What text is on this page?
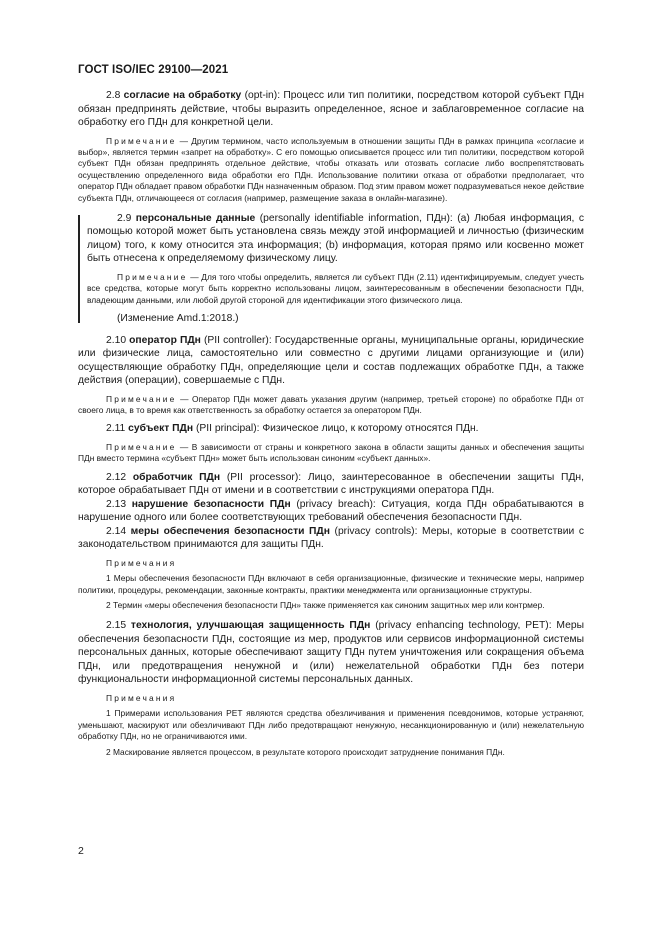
ГОСТ ISO/IEC 29100—2021

2.8 согласие на обработку (opt-in): Процесс или тип политики, посредством которой субъект ПДн обязан предпринять действие, чтобы выразить определенное, ясное и заблаговременное согласие на обработку его ПДн для конкретной цели.

Примечание — Другим термином, часто используемым в отношении защиты ПДн в рамках принципа «согласие и выбор», является термин «запрет на обработку». С его помощью описывается процесс или тип политики, посредством которой субъект ПДн обязан предпринять отдельное действие, чтобы отказать или отозвать согласие либо воспрепятствовать осуществлению определенного вида обработки его ПДн. Использование политики отказа от обработки предполагает, что оператор ПДн обладает правом обработки ПДн назначенным образом. Под этим правом может подразумеваться некое действие субъекта ПДн, отличающееся от согласия (например, размещение заказа в онлайн-магазине).

2.9 персональные данные (personally identifiable information, ПДн): (a) Любая информация, с помощью которой может быть установлена связь между этой информацией и личностью (физическим лицом) того, к кому относится эта информация; (b) информация, которая прямо или косвенно может быть отнесена к определяемому физическому лицу.

Примечание — Для того чтобы определить, является ли субъект ПДн (2.11) идентифицируемым, следует учесть все средства, которые могут быть корректно использованы лицом, заинтересованным в обеспечении безопасности ПДн, владеющим данными, или любой другой стороной для идентификации этого физического лица.

(Изменение Amd.1:2018.)

2.10 оператор ПДн (PII controller): Государственные органы, муниципальные органы, юридические или физические лица, самостоятельно или совместно с другими лицами организующие и (или) осуществляющие обработку ПДн, определяющие цели и состав подлежащих обработке ПДн, а также действия (операции), совершаемые с ПДн.

Примечание — Оператор ПДн может давать указания другим (например, третьей стороне) по обработке ПДн от своего лица, в то время как ответственность за обработку остается за оператором ПДн.

2.11 субъект ПДн (PII principal): Физическое лицо, к которому относятся ПДн.

Примечание — В зависимости от страны и конкретного закона в области защиты данных и обеспечения защиты ПДн вместо термина «субъект ПДн» может быть использован синоним «субъект данных».

2.12 обработчик ПДн (PII processor): Лицо, заинтересованное в обеспечении защиты ПДн, которое обрабатывает ПДн от имени и в соответствии с инструкциями оператора ПДн.

2.13 нарушение безопасности ПДн (privacy breach): Ситуация, когда ПДн обрабатываются в нарушение одного или более соответствующих требований обеспечения безопасности ПДн.

2.14 меры обеспечения безопасности ПДн (privacy controls): Меры, которые в соответствии с законодательством принимаются для защиты ПДн.

Примечания

1 Меры обеспечения безопасности ПДн включают в себя организационные, физические и технические меры, например политики, процедуры, рекомендации, законные контракты, практики менеджмента или организационные структуры.

2 Термин «меры обеспечения безопасности ПДн» также применяется как синоним защитных мер или контрмер.

2.15 технология, улучшающая защищенность ПДн (privacy enhancing technology, PET): Меры обеспечения безопасности ПДн, состоящие из мер, продуктов или сервисов информационной системы персональных данных, которые обеспечивают защиту ПДн путем уничтожения или сокращения объема ПДн, или предотвращения ненужной и (или) нежелательной обработки ПДн без потери функциональности информационной системы персональных данных.

Примечания

1 Примерами использования PET являются средства обезличивания и применения псевдонимов, которые устраняют, уменьшают, маскируют или обезличивают ПДн либо предотвращают ненужную, несанкционированную и (или) нежелательную обработку ПДн, но не ограничиваются ими.

2 Маскирование является процессом, в результате которого происходит затруднение понимания ПДн.

2
